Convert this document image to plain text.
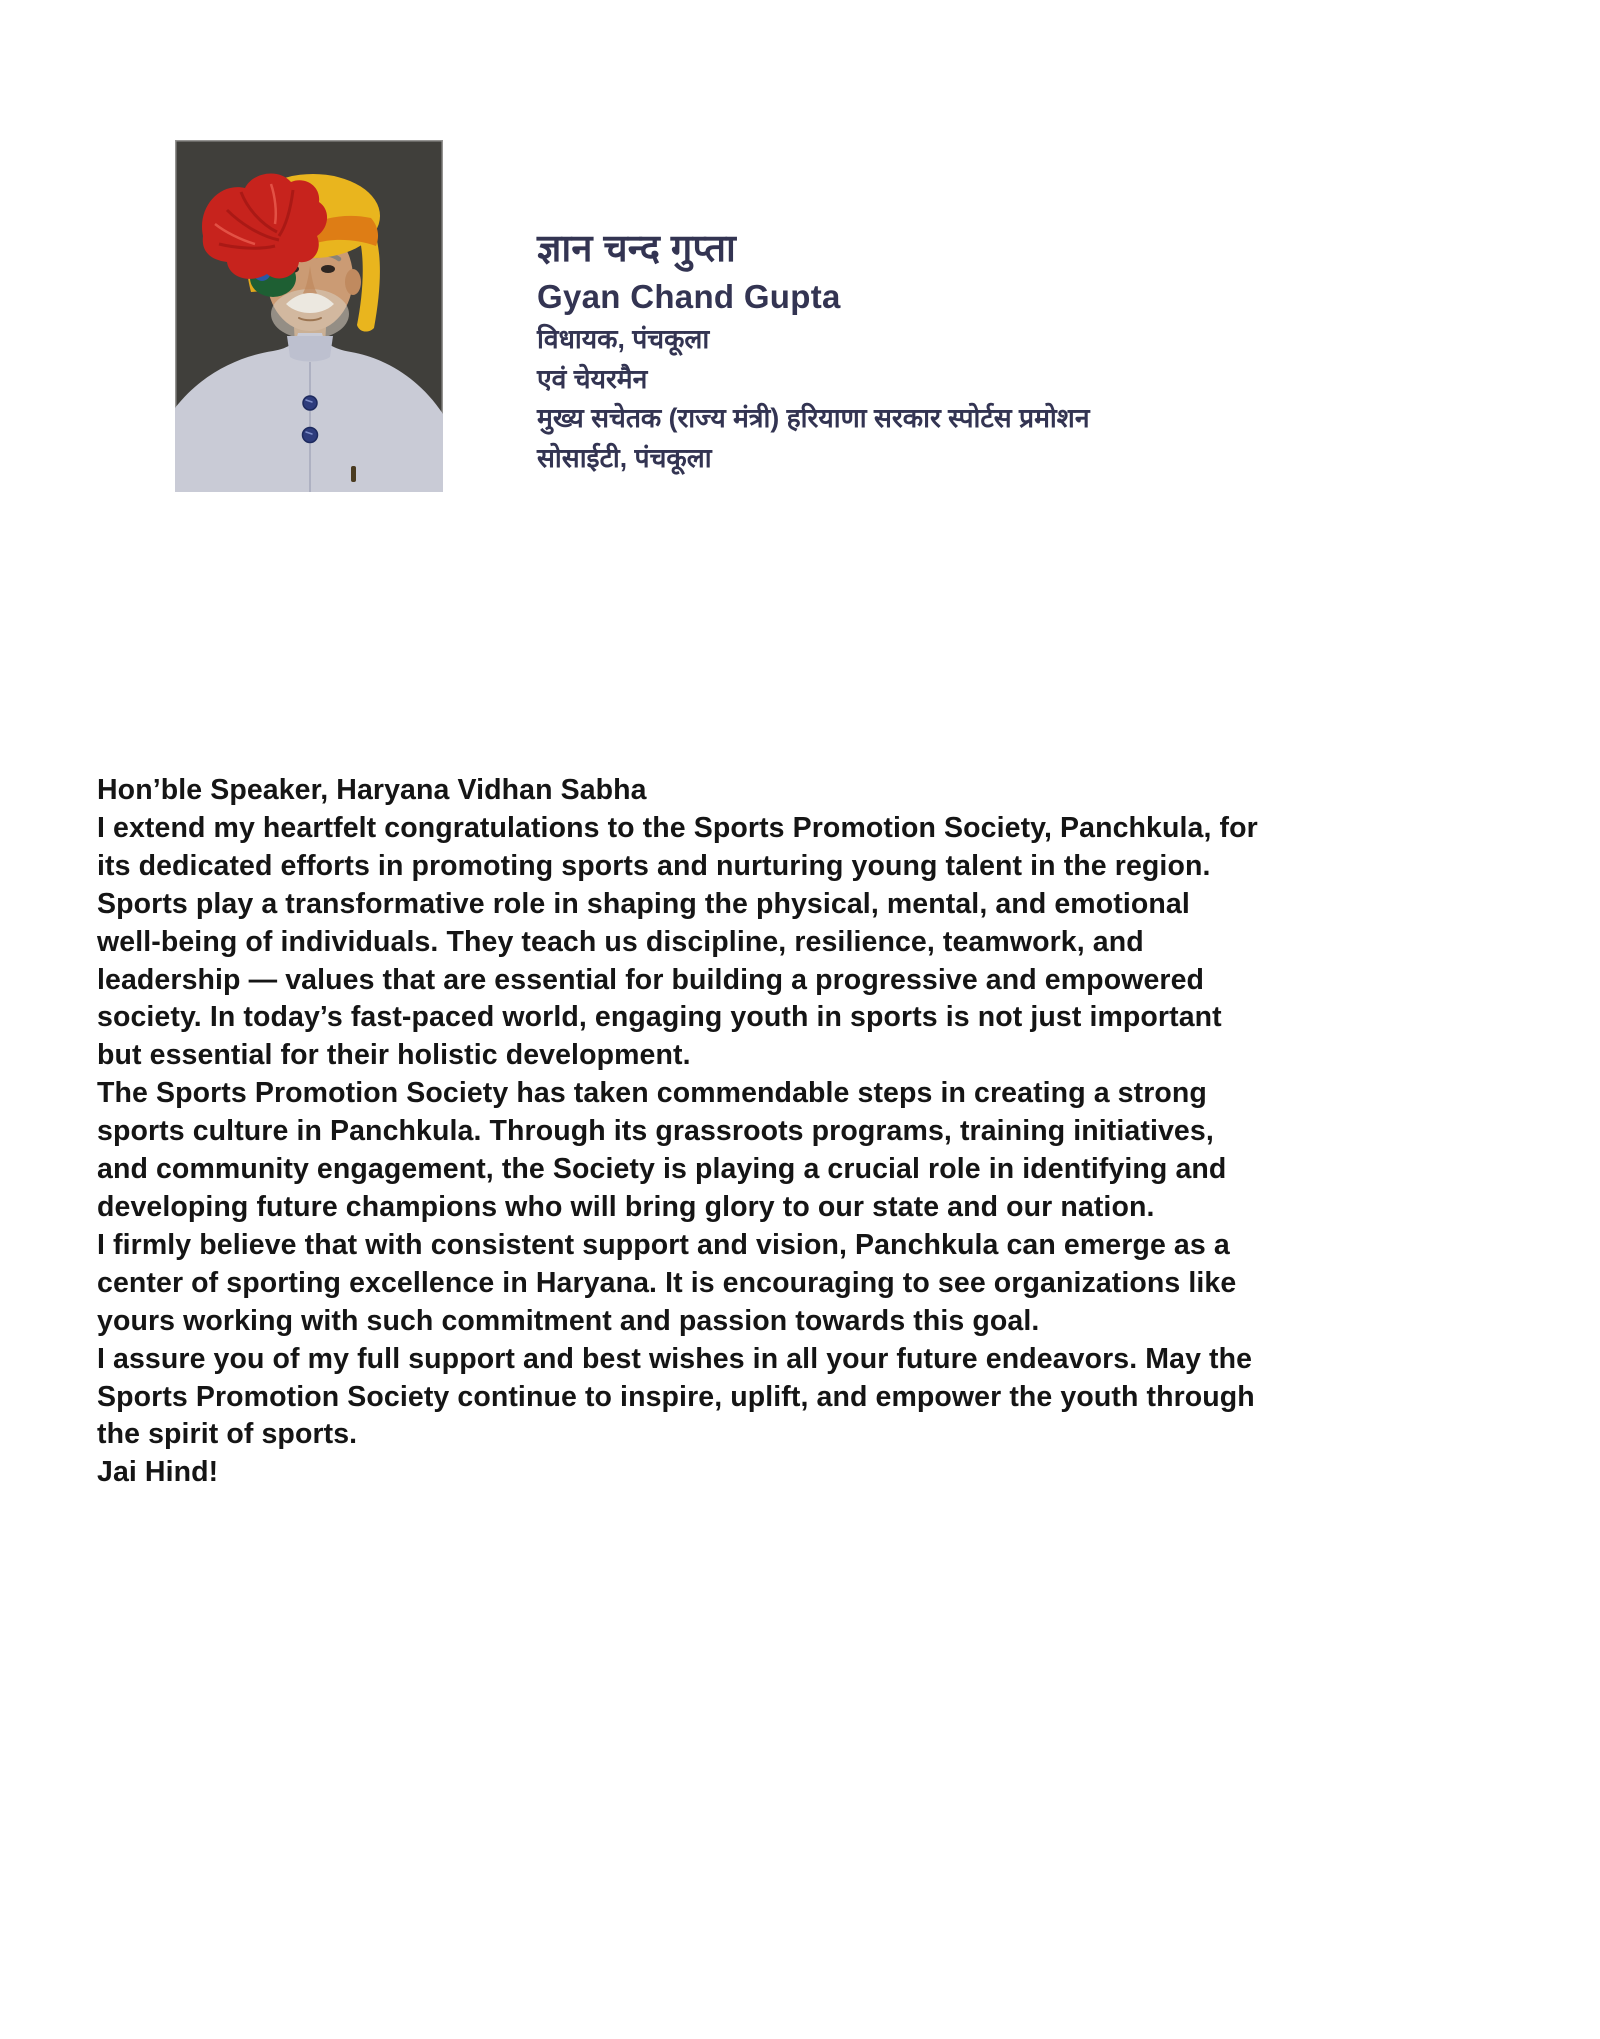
ज्ञान चन्द गुप्ता
Gyan Chand Gupta
विधायक, पंचकूला
एवं चेयरमैन
मुख्य सचेतक (राज्य मंत्री) हरियाणा सरकार स्पोर्टस प्रमोशन
सोसाईटी, पंचकूला
Hon’ble Speaker, Haryana Vidhan Sabha
I extend my heartfelt congratulations to the Sports Promotion Society, Panchkula, for
its dedicated efforts in promoting sports and nurturing young talent in the region.
Sports play a transformative role in shaping the physical, mental, and emotional
well-being of individuals. They teach us discipline, resilience, teamwork, and
leadership — values that are essential for building a progressive and empowered
society. In today’s fast-paced world, engaging youth in sports is not just important
but essential for their holistic development.
The Sports Promotion Society has taken commendable steps in creating a strong
sports culture in Panchkula. Through its grassroots programs, training initiatives,
and community engagement, the Society is playing a crucial role in identifying and
developing future champions who will bring glory to our state and our nation.
I firmly believe that with consistent support and vision, Panchkula can emerge as a
center of sporting excellence in Haryana. It is encouraging to see organizations like
yours working with such commitment and passion towards this goal.
I assure you of my full support and best wishes in all your future endeavors. May the
Sports Promotion Society continue to inspire, uplift, and empower the youth through
the spirit of sports.
Jai Hind!
